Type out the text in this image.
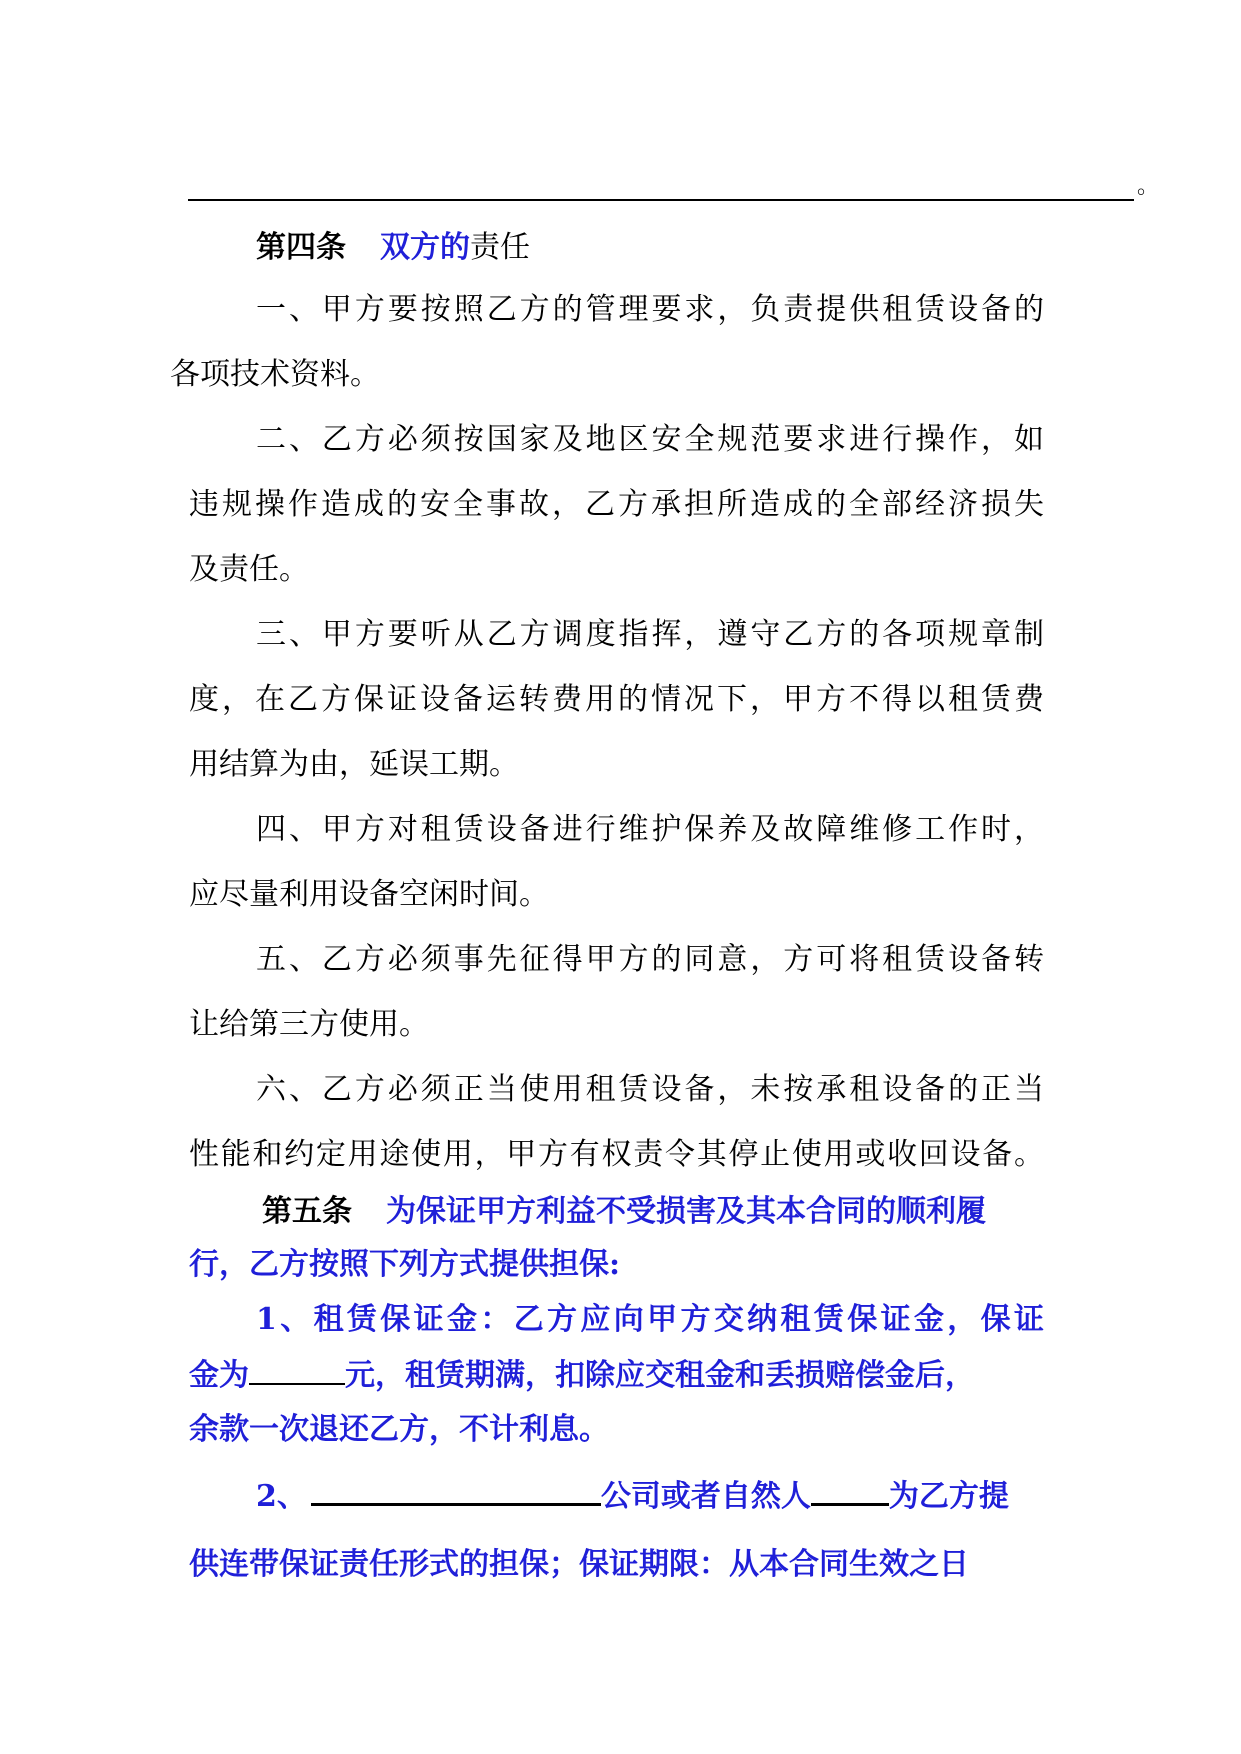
。
第四条 双方的责任
一、甲方要按照乙方的管理要求，负责提供租赁设备的
各项技术资料。
二、乙方必须按国家及地区安全规范要求进行操作，如
违规操作造成的安全事故，乙方承担所造成的全部经济损失
及责任。
三、甲方要听从乙方调度指挥，遵守乙方的各项规章制
度，在乙方保证设备运转费用的情况下，甲方不得以租赁费
用结算为由，延误工期。
四、甲方对租赁设备进行维护保养及故障维修工作时，
应尽量利用设备空闲时间。
五、乙方必须事先征得甲方的同意，方可将租赁设备转
让给第三方使用。
六、乙方必须正当使用租赁设备，未按承租设备的正当
性能和约定用途使用，甲方有权责令其停止使用或收回设备。
第五条 为保证甲方利益不受损害及其本合同的顺利履
行，乙方按照下列方式提供担保:
1、租赁保证金：乙方应向甲方交纳租赁保证金，保证
金为	元，租赁期满，扣除应交租金和丢损赔偿金后，
余款一次退还乙方，不计利息。
2、	公司或者自然人	为乙方提
供连带保证责任形式的担保；保证期限：从本合同生效之日
